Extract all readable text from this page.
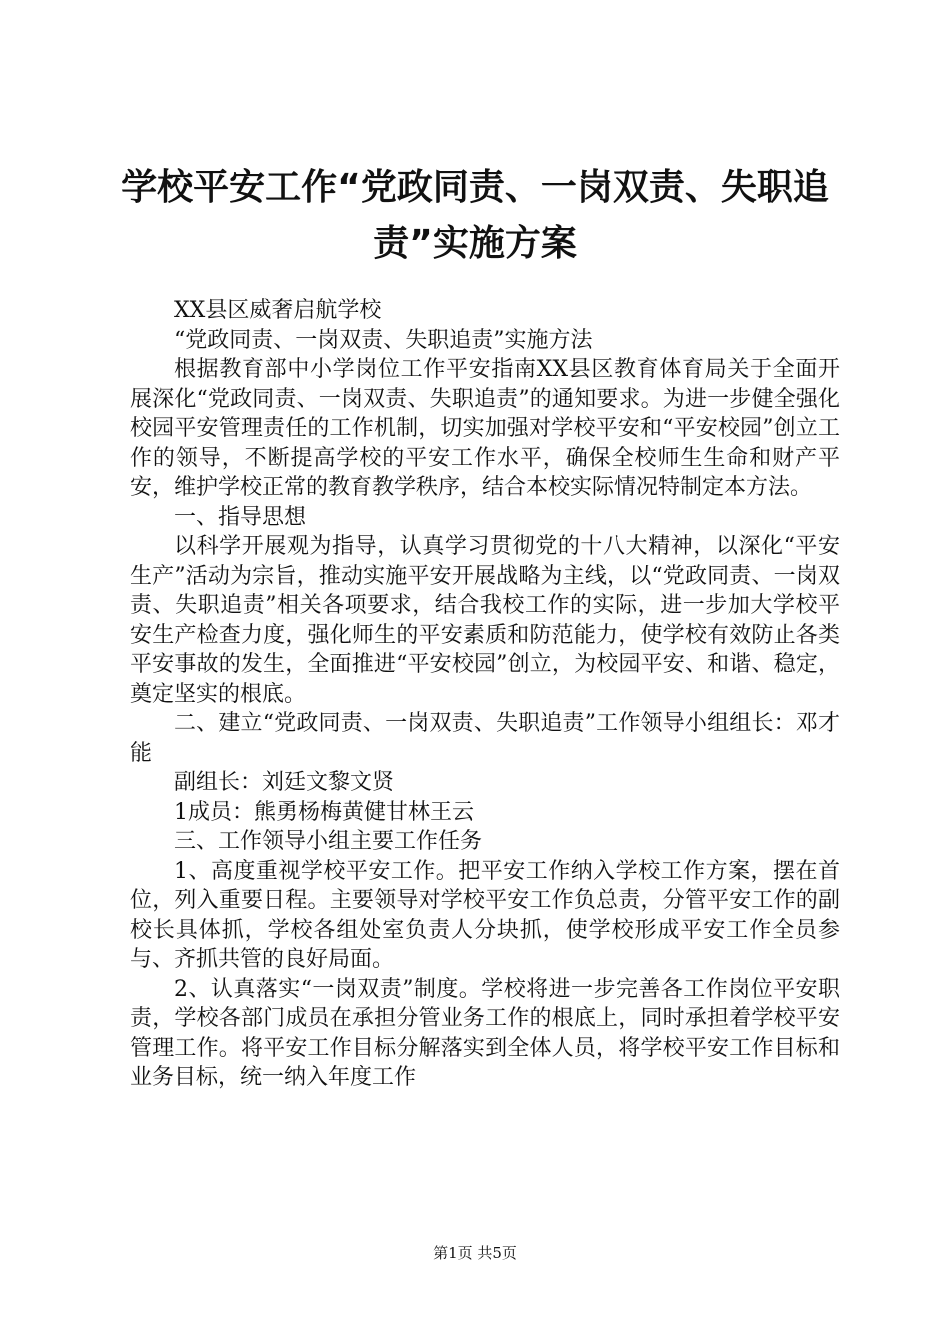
学校平安工作“党政同责、一岗双责、失职追责”实施方案

XX县区威奢启航学校

“党政同责、一岗双责、失职追责”实施方法

根据教育部中小学岗位工作平安指南XX县区教育体育局关于全面开展深化“党政同责、一岗双责、失职追责”的通知要求。为进一步健全强化校园平安管理责任的工作机制，切实加强对学校平安和“平安校园”创立工作的领导，不断提高学校的平安工作水平，确保全校师生生命和财产平安，维护学校正常的教育教学秩序，结合本校实际情况特制定本方法。

一、指导思想

以科学开展观为指导，认真学习贯彻党的十八大精神，以深化“平安生产”活动为宗旨，推动实施平安开展战略为主线，以“党政同责、一岗双责、失职追责”相关各项要求，结合我校工作的实际，进一步加大学校平安生产检查力度，强化师生的平安素质和防范能力，使学校有效防止各类平安事故的发生，全面推进“平安校园”创立，为校园平安、和谐、稳定，奠定坚实的根底。

二、建立“党政同责、一岗双责、失职追责”工作领导小组组长：邓才能

副组长：刘廷文黎文贤

1成员：熊勇杨梅黄健甘林王云

三、工作领导小组主要工作任务

1、高度重视学校平安工作。把平安工作纳入学校工作方案，摆在首位，列入重要日程。主要领导对学校平安工作负总责，分管平安工作的副校长具体抓，学校各组处室负责人分块抓，使学校形成平安工作全员参与、齐抓共管的良好局面。

2、认真落实“一岗双责”制度。学校将进一步完善各工作岗位平安职责，学校各部门成员在承担分管业务工作的根底上，同时承担着学校平安管理工作。将平安工作目标分解落实到全体人员，将学校平安工作目标和业务目标，统一纳入年度工作

第1页 共5页
